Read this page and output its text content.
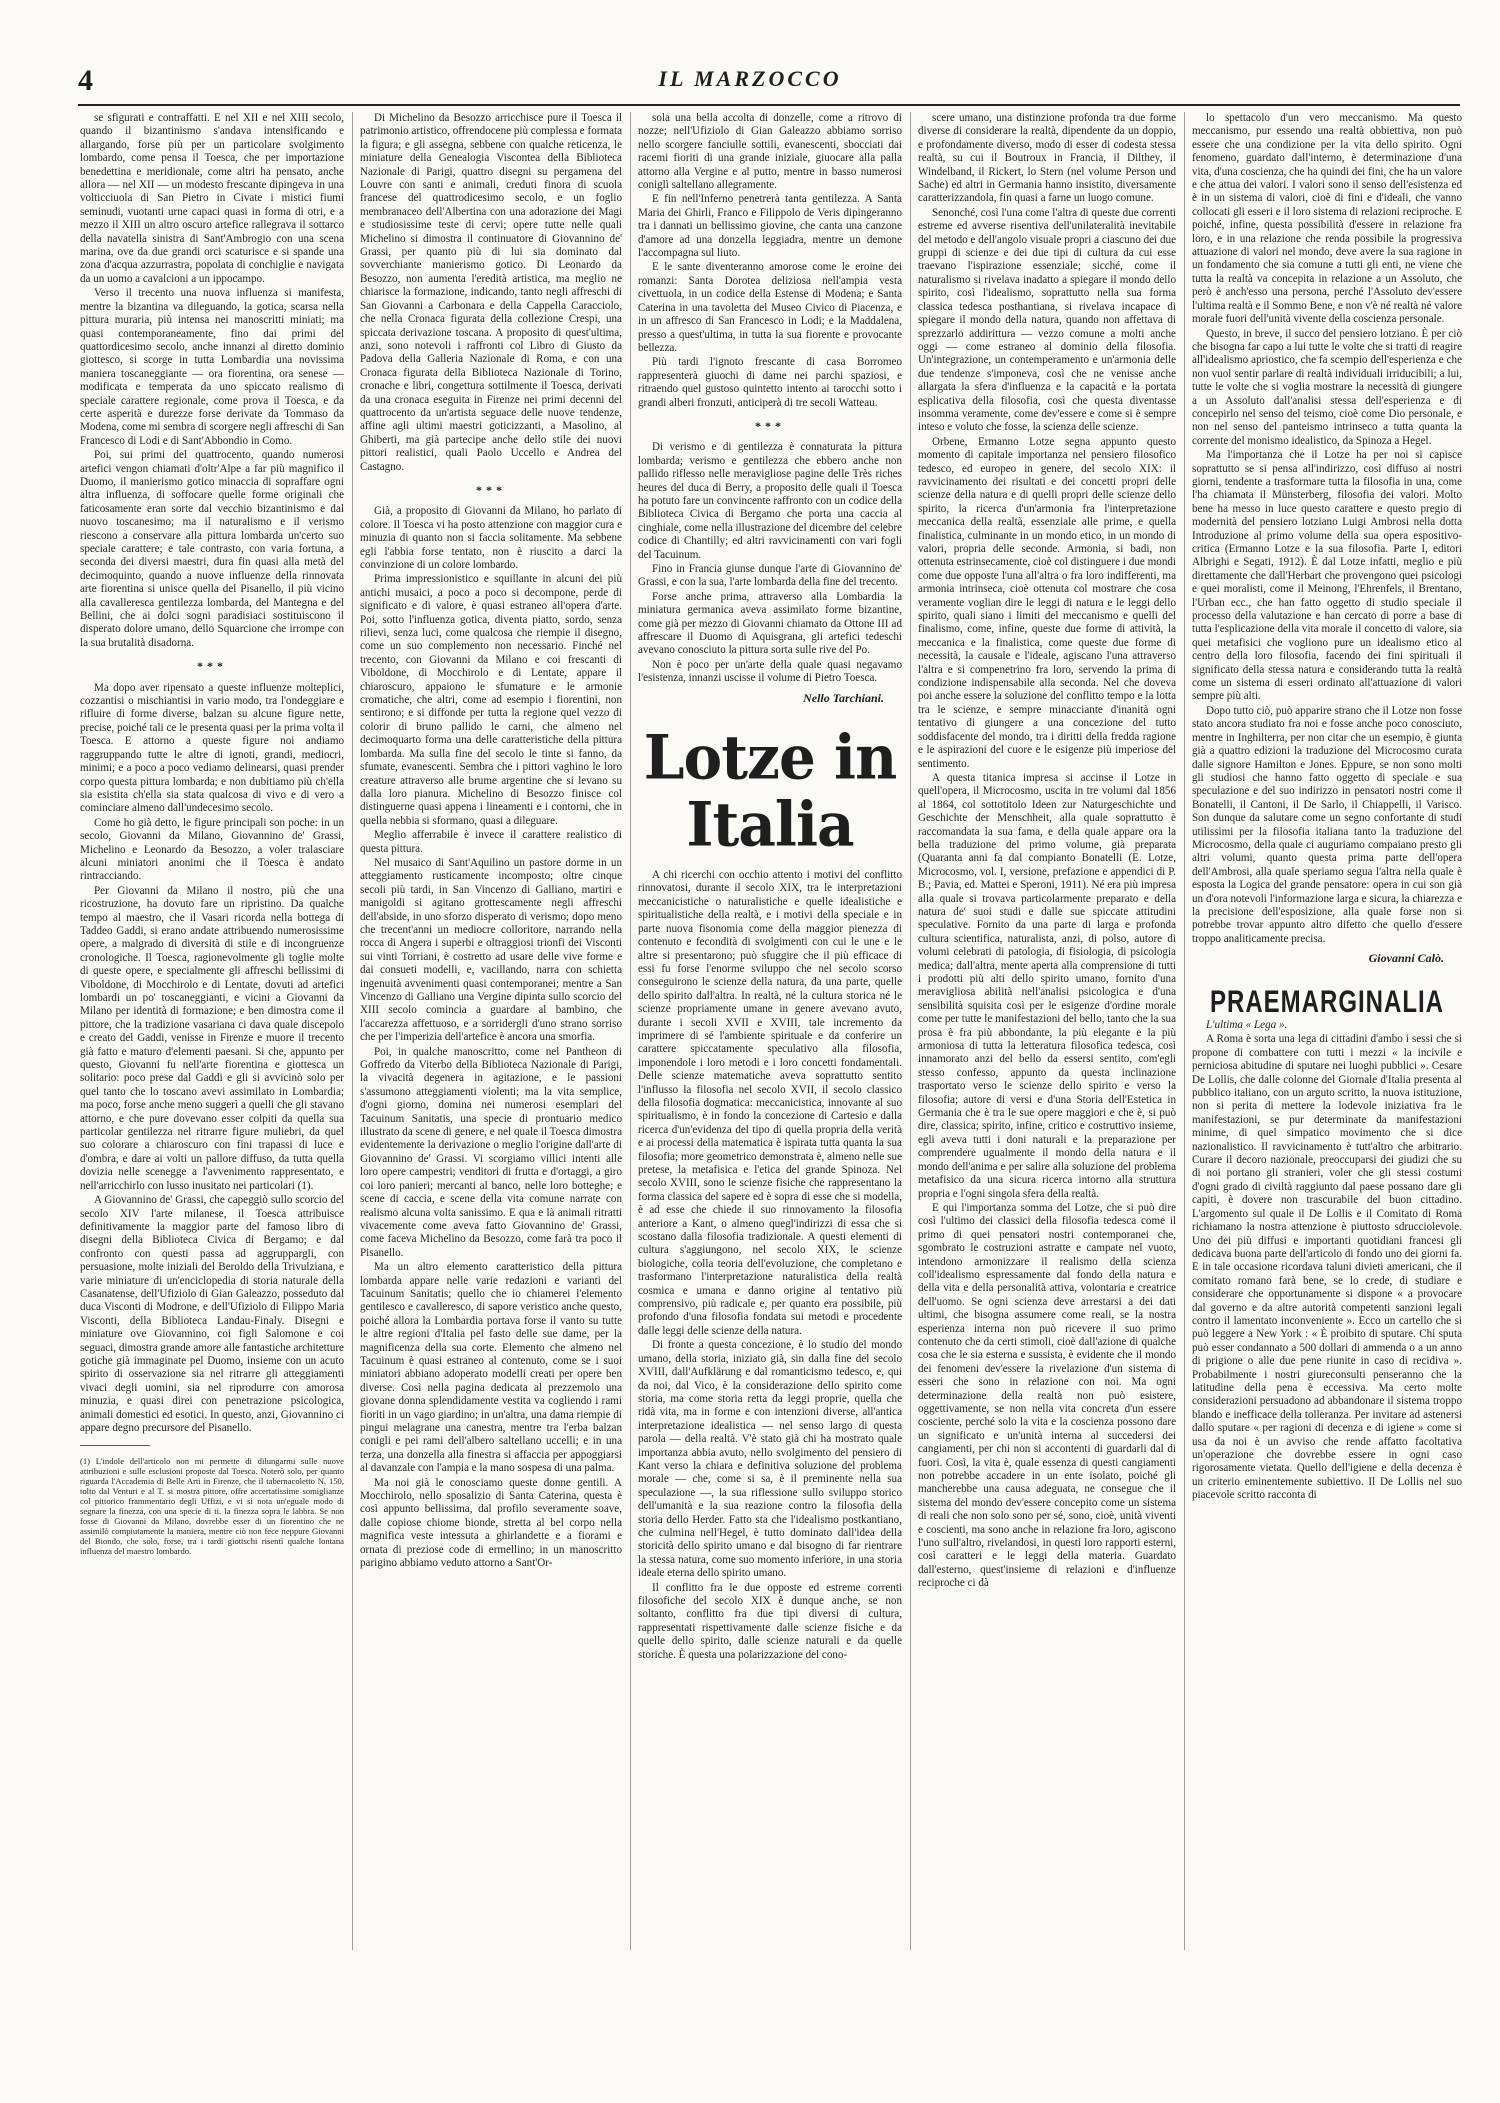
4	IL MARZOCCO

se sfigurati e contraffatti. E nel XII e nel XIII secolo, quando il bizantinismo s'andava intensificando e allargando, forse più per un particolare svolgimento lombardo, come pensa il Toesca, che per importazione benedettina e meridionale, come altri ha pensato, anche allora — nel XII — un modesto frescante dipingeva in una volticciuola di San Pietro in Civate i mistici fiumi seminudi, vuotanti urne capaci quasi in forma di otri, e a mezzo il XIII un altro oscuro artefice rallegrava il sottarco della navatella sinistra di Sant'Ambrogio con una scena marina, ove da due grandi orci scaturisce e si spande una zona d'acqua azzurrastra, popolata di conchiglie e navigata da un uomo a cavalcioni a un ippocampo.

Verso il trecento una nuova influenza si manifesta, mentre la bizantina va dileguando, la gotica, scarsa nella pittura muraria, più intensa nei manoscritti miniati; ma quasi contemporaneamente, fino dai primi del quattordicesimo secolo, anche innanzi al diretto dominio giottesco, si scorge in tutta Lombardia una novissima maniera toscaneggiante — ora fiorentina, ora senese — modificata e temperata da uno spiccato realismo di speciale carattere regionale, come prova il Toesca, e da certe asperità e durezze forse derivate da Tommaso da Modena, come mi sembra di scorgere negli affreschi di San Francesco di Lodi e di Sant'Abbondio in Como.

Poi, sui primi del quattrocento, quando numerosi artefici vengon chiamati d'oltr'Alpe a far più magnifico il Duomo, il manierismo gotico minaccia di sopraffare ogni altra influenza, di soffocare quelle forme originali che faticosamente eran sorte dal vecchio bizantinismo e dal nuovo toscanesimo; ma il naturalismo e il verismo riescono a conservare alla pittura lombarda un'certo suo speciale carattere; e tale contrasto, con varia fortuna, a seconda dei diversi maestri, dura fin quasi alla metà del decimoquinto, quando a nuove influenze della rinnovata arte fiorentina si unisce quella del Pisanello, il più vicino alla cavalleresca gentilezza lombarda, del Mantegna e del Bellini, che ai dolci sogni paradisiaci sostituiscono il disperato dolore umano, dello Squarcione che irrompe con la sua brutalità disadorna.

***

Ma dopo aver ripensato a queste influenze molteplici, cozzantisi o mischiantisi in vario modo, tra l'ondeggiare e rifluire di forme diverse, balzan su alcune figure nette, precise, poiché tali ce le presenta quasi per la prima volta il Toesca. E attorno a queste figure noi andiamo raggruppando tutte le altre di ignoti, grandi, mediocri, minimi; e a poco a poco vediamo delinearsi, quasi prender corpo questa pittura lombarda; e non dubitiamo più ch'ella sia esistita ch'ella sia stata qualcosa di vivo e di vero a cominciare almeno dall'undecesimo secolo.

Come ho già detto, le figure principali son poche: in un secolo, Giovanni da Milano, Giovannino de' Grassi, Michelino e Leonardo da Besozzo, a voler tralasciare alcuni miniatori anonimi che il Toesca è andato rintracciando.

Per Giovanni da Milano il nostro, più che una ricostruzione, ha dovuto fare un ripristino. Da qualche tempo al maestro, che il Vasari ricorda nella bottega di Taddeo Gaddi, si erano andate attribuendo numerosissime opere, a malgrado di diversità di stile e di incongruenze cronologiche. Il Toesca, ragionevolmente gli toglie molte di queste opere, e specialmente gli affreschi bellissimi di Viboldone, di Mocchirolo e di Lentate, dovuti ad artefici lombardi un po' toscaneggianti, e vicini a Giovanni da Milano per identità di formazione; e ben dimostra come il pittore, che la tradizione vasariana ci dava quale discepolo e creato del Gaddi, venisse in Firenze e muore il trecento già fatto e maturo d'elementi paesani. Si che, appunto per questo, Giovanni fu nell'arte fiorentina e giottesca un solitario: poco prese dal Gaddi e gli si avvicinò solo per quel tanto che lo toscano avevi assimilato in Lombardia; ma poco, forse anche meno suggerì a quelli che gli stavano attorno, e che pure dovevano esser colpiti da quella sua particolar gentilezza nel ritrarre figure muliebri, da quel suo colorare a chiaroscuro con fini trapassi di luce e d'ombra, e dare ai volti un pallore diffuso, da tutta quella dovizia nelle scenegge a l'avvenimento rappresentato, e nell'arricchirlo con lusso inusitato nei particolari (1).

A Giovannino de' Grassi, che capeggiò sullo scorcio del secolo XIV l'arte milanese, il Toesca attribuisce definitivamente la maggior parte del famoso libro di disegni della Biblioteca Civica di Bergamo; e dal confronto con questi passa ad aggruppargli, con persuasione, molte iniziali del Beroldo della Trivulziana, e varie miniature di un'enciclopedia di storia naturale della Casanatense, dell'Ufiziolo di Gian Galeazzo, posseduto dal duca Visconti di Modrone, e dell'Ufiziolo di Filippo Maria Visconti, della Biblioteca Landau-Finaly. Disegni e miniature ove Giovannino, coi figli Salomone e coi seguaci, dimostra grande amore alle fantastiche architetture gotiche già immaginate pel Duomo, insieme con un acuto spirito di osservazione sia nel ritrarre gli atteggiamenti vivaci degli uomini, sia nel riprodurre con amorosa minuzia, e quasi direi con penetrazione psicologica, animali domestici ed esotici. In questo, anzi, Giovannino ci appare degno precursore del Pisanello.

(1) L'indole dell'articolo non mi permette di dilungarmi sulle nuove attribuzioni e sulle esclusioni proposte dal Toesca. Noterò solo, per quanto riguarda l'Accademia di Belle Arti in Firenze, che il tabernacoletto N. 150, tolto dal Venturi e al T. si mostra pittore, offre accertatissime somiglianze col pittorico frammentario degli Uffizi, e vi si nota un'eguale modo di segnare la finezza, con una specie di ti. la finezza sopra le labbra. Se non fosse di Giovanni da Milano, dovrebbe esser di un fiorentino che ne assimilò compiutamente la maniera, mentre ciò non fece neppure Giovanni del Biondo, che solo, forse, tra i tardi giottschi risentì qualche lontana influenza del maestro lombardo.

Di Michelino da Besozzo arricchisce pure il Toesca il patrimonio artistico, offrendocene più complessa e formata la figura; e gli assegna, sebbene con qualche reticenza, le miniature della Genealogia Viscontea della Biblioteca Nazionale di Parigi, quattro disegni su pergamena del Louvre con santi e animali, creduti finora di scuola francese del quattrodicesimo secolo, e un foglio membranaceo dell'Albertina con una adorazione dei Magi e studiosissime teste di cervi; opere tutte nelle quali Michelino si dimostra il continuatore di Giovannino de' Grassi, per quanto più di lui sia dominato dal sovverchiante manierismo gotico. Di Leonardo da Besozzo, non aumenta l'eredità artistica, ma meglio ne chiarisce la formazione, indicando, tanto negli affreschi di San Giovanni a Carbonara e della Cappella Caracciolo, che nella Cronaca figurata della collezione Crespi, una spiccata derivazione toscana. A proposito di quest'ultima, anzi, sono notevoli i raffronti col Libro di Giusto da Padova della Galleria Nazionale di Roma, e con una Cronaca figurata della Biblioteca Nazionale di Torino, cronache e libri, congettura sottilmente il Toesca, derivati da una cronaca eseguita in Firenze nei primi decenni del quattrocento da un'artista seguace delle nuove tendenze, affine agli ultimi maestri goticizzanti, a Masolino, al Ghiberti, ma già partecipe anche dello stile dei nuovi pittori realistici, quali Paolo Uccello e Andrea del Castagno.

***

Già, a proposito di Giovanni da Milano, ho parlato di colore. Il Toesca vi ha posto attenzione con maggior cura e minuzia di quanto non si faccia solitamente. Ma sebbene egli l'abbia forse tentato, non è riuscito a darci la convinzione di un colore lombardo.

Prima impressionistico e squillante in alcuni dei più antichi musaici, a poco a poco si decompone, perde di significato e di valore, è quasi estraneo all'opera d'arte. Poi, sotto l'influenza gotica, diventa piatto, sordo, senza rilievi, senza luci, come qualcosa che riempie il disegno, come un suo complemento non necessario. Finché nel trecento, con Giovanni da Milano e coi frescanti di Viboldone, di Mocchirolo e di Lentate, appare il chiaroscuro, appaiono le sfumature e le armonie cromatiche, che altri, come ad esempio i fiorentini, non sentirono; e si diffonde per tutta la regione quel vezzo di colorir di bruno pallido le carni, che almeno nel decimoquarto forma una delle caratteristiche della pittura lombarda. Ma sulla fine del secolo le tinte si fanno, da sfumate, evanescenti. Sembra che i pittori vaghino le loro creature attraverso alle brume argentine che si levano su dalla loro pianura. Michelino di Besozzo finisce col distinguerne quasi appena i lineamenti e i contorni, che in quella nebbia si sformano, quasi a dileguare.

Meglio afferrabile è invece il carattere realistico di questa pittura.

Nel musaico di Sant'Aquilino un pastore dorme in un atteggiamento rusticamente incomposto; oltre cinque secoli più tardi, in San Vincenzo di Galliano, martiri e manigoldi si agitano grottescamente negli affreschi dell'abside, in uno sforzo disperato di verismo; dopo meno che trecent'anni un mediocre colloritore, narrando nella rocca di Angera i superbi e oltraggiosi trionfi dei Visconti sui vinti Torriani, è costretto ad usare delle vive forme e dai consueti modelli, e, vacillando, narra con schietta ingenuità avvenimenti quasi contemporanei; mentre a San Vincenzo di Galliano una Vergine dipinta sullo scorcio del XIII secolo comincia a guardare al bambino, che l'accarezza affettuoso, e a sorridergli d'uno strano sorriso che per l'imperizia dell'artefice è ancora una smorfia.

Poi, in qualche manoscritto, come nel Pantheon di Goffredo da Viterbo della Biblioteca Nazionale di Parigi, la vivacità degenera in agitazione, e le passioni s'assumono atteggiamenti violenti; ma la vita semplice, d'ogni giorno, domina nei numerosi esemplari del Tacuinum Sanitatis, una specie di prontuario medico illustrato da scene di genere, e nel quale il Toesca dimostra evidentemente la derivazione o meglio l'origine dall'arte di Giovannino de' Grassi. Vi scorgiamo villici intenti alle loro opere campestri; venditori di frutta e d'ortaggi, a giro coi loro panieri; mercanti al banco, nelle loro botteghe; e scene di caccia, e scene della vita comune narrate con realismo alcuna volta sanissimo. E qua e là animali ritratti vivacemente come aveva fatto Giovannino de' Grassi, come faceva Michelino da Besozzo, come farà tra poco il Pisanello.

Ma un altro elemento caratteristico della pittura lombarda appare nelle varie redazioni e varianti del Tacuinum Sanitatis; quello che io chiamerei l'elemento gentilesco e cavalleresco, di sapore veristico anche questo, poiché allora la Lombardia portava forse il vanto su tutte le altre regioni d'Italia pel fasto delle sue dame, per la magnificenza della sua corte. Elemento che almeno nel Tacuinum è quasi estraneo al contenuto, come se i suoi miniatori abbiano adoperato modelli creati per opere ben diverse. Così nella pagina dedicata al prezzemolo una giovane donna splendidamente vestita va cogliendo i rami fioriti in un vago giardino; in un'altra, una dama riempie di pingui melagrane una canestra, mentre tra l'erba balzan conigli e pei rami dell'albero saltellano uccelli; e in una terza, una donzella alla finestra si affaccia per appoggiarsi al davanzale con l'ampia e la mano sospesa di una palma.

Ma noi già le conosciamo queste donne gentili. A Mocchirolo, nello sposalizio di Santa Caterina, questa è così appunto bellissima, dal profilo severamente soave, dalle copiose chiome bionde, stretta al bel corpo nella magnifica veste intessuta a ghirlandette e a fiorami e ornata di preziose code di ermellino; in un manoscritto parigino abbiamo veduto attorno a Sant'Or-

sola una bella accolta di donzelle, come a ritrovo di nozze; nell'Ufiziolo di Gian Galeazzo abbiamo sorriso nello scorgere fanciulle sottili, evanescenti, sbocciati dai racemi fioriti di una grande iniziale, giuocare alla palla attorno alla Vergine e al putto, mentre in basso numerosi coniglì saltellano allegramente.

E fin nell'Inferno penetrerà tanta gentilezza. A Santa Maria dei Ghirli, Franco e Filippolo de Veris dipingeranno tra i dannati un bellissimo giovine, che canta una canzone d'amore ad una donzella leggiadra, mentre un demone l'accompagna sul liuto.

E le sante diventeranno amorose come le eroine dei romanzi: Santa Dorotea deliziosa nell'ampia vesta civettuola, in un codice della Estense di Modena; e Santa Caterina in una tavoletta del Museo Civico di Piacenza, e in un affresco di San Francesco in Lodi; e la Maddalena, presso a quest'ultima, in tutta la sua fiorente e provocante bellezza.

Più tardi l'ignoto frescante di casa Borromeo rappresenterà giuochi di dame nei parchi spaziosi, e ritraendo quel gustoso quintetto intento ai tarocchi sotto i grandi alberi fronzuti, anticiperà di tre secoli Watteau.

***

Di verismo e di gentilezza è connaturata la pittura lombarda; verismo e gentilezza che ebbero anche non pallido riflesso nelle meravigliose pagine delle Très riches heures del duca di Berry, a proposito delle quali il Toesca ha potuto fare un convincente raffronto con un codice della Biblioteca Civica di Bergamo che porta una caccia al cinghiale, come nella illustrazione del dicembre del celebre codice di Chantilly; ed altri ravvicinamenti con vari fogli del Tacuinum.

Fino in Francia giunse dunque l'arte di Giovannino de' Grassi, e con la sua, l'arte lombarda della fine del trecento.

Forse anche prima, attraverso alla Lombardia la miniatura germanica aveva assimilato forme bizantine, come già per mezzo di Giovanni chiamato da Ottone III ad affrescare il Duomo di Aquisgrana, gli artefici tedeschi avevano conosciuto la pittura sorta sulle rive del Po.

Non è poco per un'arte della quale quasi negavamo l'esistenza, innanzi uscisse il volume di Pietro Toesca.

Nello Tarchiani.
Lotze in Italia

A chi ricerchi con occhio attento i motivi del conflitto rinnovatosi, durante il secolo XIX, tra le interpretazioni meccanicistiche o naturalistiche e quelle idealistiche e spiritualistiche della realtà, e i motivi della speciale e in parte nuova fisonomia come della maggior pienezza di contenuto e fecondità di svolgimenti con cui le une e le altre si presentarono; può sfuggire che il più efficace di essi fu forse l'enorme sviluppo che nel secolo scorso conseguirono le scienze della natura, da una parte, quelle dello spirito dall'altra. In realtà, né la cultura storica né le scienze propriamente umane in genere avevano avuto, durante i secoli XVII e XVIII, tale incremento da imprimere di sé l'ambiente spirituale e da conferire un carattere spiccatamente speculativo alla filosofia, imponendole i loro metodi e i loro concetti fondamentali. Delle scienze matematiche aveva soprattutto sentito l'influsso la filosofia nel secolo XVII, il secolo classico della filosofia dogmatica: meccanicistica, innovante al suo spiritualismo, è in fondo la concezione di Cartesio e dalla ricerca d'un'evidenza del tipo di quella propria della verità e ai processi della matematica è ispirata tutta quanta la sua filosofia; more geometrico demonstrata è, almeno nelle sue pretese, la metafisica e l'etica del grande Spinoza. Nel secolo XVIII, sono le scienze fisiche che rappresentano la forma classica del sapere ed è sopra di esse che si modella, è ad esse che chiede il suo rinnovamento la filosofia anteriore a Kant, o almeno quegl'indirizzi di essa che si scostano dalla filosofia tradizionale. A questi elementi di cultura s'aggiungono, nel secolo XIX, le scienze biologiche, colla teoria dell'evoluzione, che completano e trasformano l'interpretazione naturalistica della realtà cosmica e umana e danno origine al tentativo più comprensivo, più radicale e, per quanto era possibile, più profondo d'una filosofia fondata sui metodi e procedente dalle leggi delle scienze della natura.

Di fronte a questa concezione, è lo studio del mondo umano, della storia, iniziato già, sin dalla fine del secolo XVIII, dall'Aufklärung e dal romanticismo tedesco, e, qui da noi, dal Vico, è la considerazione dello spirito come storia, ma come storia retta da leggi proprie, quella che ridà vita, ma in forme e con intenzioni diverse, all'antica interpretazione idealistica — nel senso largo di questa parola — della realtà. V'è stato già chi ha mostrato quale importanza abbia avuto, nello svolgimento del pensiero di Kant verso la chiara e definitiva soluzione del problema morale — che, come si sa, è il preminente nella sua speculazione —, la sua riflessione sullo sviluppo storico dell'umanità e la sua reazione contro la filosofia della storia dello Herder. Fatto sta che l'idealismo postkantiano, che culmina nell'Hegel, è tutto dominato dall'idea della storicità dello spirito umano e dal bisogno di far rientrare la stessa natura, come suo momento inferiore, in una storia ideale eterna dello spirito umano.

Il conflitto fra le due opposte ed estreme correnti filosofiche del secolo XIX è dunque anche, se non soltanto, conflitto fra due tipi diversi di cultura, rappresentati rispettivamente dalle scienze fisiche e da quelle dello spirito, dalle scienze naturali e da quelle storiche. È questa una polarizzazione del cono-

scere umano, una distinzione profonda tra due forme diverse di considerare la realtà, dipendente da un doppio, e profondamente diverso, modo di esser di codesta stessa realtà, su cui il Boutroux in Francia, il Dilthey, il Windelband, il Rickert, lo Stern (nel volume Person und Sache) ed altri in Germania hanno insistito, diversamente caratterizzandola, fin quasi a farne un luogo comune.

Senonché, così l'una come l'altra di queste due correnti estreme ed avverse risentiva dell'unilateralità inevitabile del metodo e dell'angolo visuale propri a ciascuno dei due gruppi di scienze e dei due tipi di cultura da cui esse traevano l'ispirazione essenziale; sicché, come il naturalismo si rivelava inadatto a spiegare il mondo dello spirito, così l'idealismo, soprattutto nella sua forma classica tedesca posthantiana, si rivelava incapace di spiegare il mondo della natura, quando non affettava di sprezzarlo addirittura — vezzo comune a molti anche oggi — come estraneo al dominio della filosofia. Un'integrazione, un contemperamento e un'armonia delle due tendenze s'imponeva, così che ne venisse anche allargata la sfera d'influenza e la capacità e la portata esplicativa della filosofia, così che questa diventasse insomma veramente, come dev'essere e come si è sempre inteso e voluto che fosse, la scienza delle scienze.

Orbene, Ermanno Lotze segna appunto questo momento di capitale importanza nel pensiero filosofico tedesco, ed europeo in genere, del secolo XIX: il ravvicinamento dei risultati e dei concetti propri delle scienze della natura e di quelli propri delle scienze dello spirito, la ricerca d'un'armonia fra l'interpretazione meccanica della realtà, essenziale alle prime, e quella finalistica, culminante in un mondo etico, in un mondo di valori, propria delle seconde. Armonia, si badi, non ottenuta estrinsecamente, cioè col distinguere i due mondi come due opposte l'una all'altra o fra loro indifferenti, ma armonia intrinseca, cioè ottenuta col mostrare che cosa veramente voglian dire le leggi di natura e le leggi dello spirito, quali siano i limiti del meccanismo e quelli del finalismo, come, infine, queste due forme di attività, la meccanica e la finalistica, come queste due forme di necessità, la causale e l'ideale, agiscano l'una attraverso l'altra e si compenetrino fra loro, servendo la prima di condizione indispensabile alla seconda. Nel che doveva poi anche essere la soluzione del conflitto tempo e la lotta tra le scienze, e sempre minacciante d'inanità ogni tentativo di giungere a una concezione del tutto soddisfacente del mondo, tra i diritti della fredda ragione e le aspirazioni del cuore e le esigenze più imperiose del sentimento.

A questa titanica impresa si accinse il Lotze in quell'opera, il Microcosmo, uscita in tre volumi dal 1856 al 1864, col sottotitolo Ideen zur Naturgeschichte und Geschichte der Menschheit, alla quale soprattutto è raccomandata la sua fama, e della quale appare ora la bella traduzione del primo volume, già preparata (Quaranta anni fa dal compianto Bonatelli (E. Lotze, Microcosmo, vol. I, versione, prefazione e appendici di P. B.; Pavia, ed. Mattei e Speroni, 1911). Né era più impresa alla quale si trovava particolarmente preparato e della natura de' suoi studi e dalle sue spiccate attitudini speculative. Fornito da una parte di larga e profonda cultura scientifica, naturalista, anzi, di polso, autore di volumi celebrati di patologia, di fisiologia, di psicologia medica; dall'altra, mente aperta alla comprensione di tutti i prodotti più alti dello spirito umano, fornito d'una meravigliosa abilità nell'analisi psicologica e d'una sensibilità squisita così per le esigenze d'ordine morale come per tutte le manifestazioni del bello, tanto che la sua prosa è fra più abbondante, la più elegante e la più armoniosa di tutta la letteratura filosofica tedesca, così innamorato anzi del bello da essersi sentito, com'egli stesso confesso, appunto da questa inclinazione trasportato verso le scienze dello spirito e verso la filosofia; autore di versi e d'una Storia dell'Estetica in Germania che è tra le sue opere maggiori e che è, si può dire, classica; spirito, infine, critico e costruttivo insieme, egli aveva tutti i doni naturali e la preparazione per comprendere ugualmente il mondo della natura e il mondo dell'anima e per salire alla soluzione del problema metafisico da una sicura ricerca intorno alla struttura propria e l'ogni singola sfera della realtà.

E qui l'importanza somma del Lotze, che si può dire così l'ultimo dei classici della filosofia tedesca come il primo di quei pensatori nostri contemporanei che, sgombrato le costruzioni astratte e campate nel vuoto, intendono armonizzare il realismo della scienza coll'idealismo espressamente dal fondo della natura e della vita e della personalità attiva, volontaria e creatrice dell'uomo. Se ogni scienza deve arrestarsi a dei dati ultimi, che bisogna assumere come reali, se la nostra esperienza interna non può ricevere il suo primo contenuto che da certi stimoli, cioè dall'azione di qualche cosa che le sia esterna e sussista, è evidente che il mondo dei fenomeni dev'essere la rivelazione d'un sistema di esseri che sono in relazione con noi. Ma ogni determinazione della realtà non può esistere, oggettivamente, se non nella vita concreta d'un essere cosciente, perché solo la vita e la coscienza possono dare un significato e un'unità interna al succedersi dei cangiamenti, per chi non si accontenti di guardarli dal di fuori. Così, la vita è, quale essenza di questi cangiamenti non potrebbe accadere in un ente isolato, poiché gli mancherebbe una causa adeguata, ne consegue che il sistema del mondo dev'essere concepito come un sistema di reali che non solo sono per sé, sono, cioè, unità viventi e coscienti, ma sono anche in relazione fra loro, agiscono l'uno sull'altro, rivelandosi, in questi loro rapporti esterni, così caratteri e le leggi della materia. Guardato dall'esterno, quest'insieme di relazioni e d'influenze reciproche ci dà

lo spettacolo d'un vero meccanismo. Ma questo meccanismo, pur essendo una realtà obbiettiva, non può essere che una condizione per la vita dello spirito. Ogni fenomeno, guardato dall'interno, è determinazione d'una vita, d'una coscienza, che ha quindi dei fini, che ha un valore e che attua dei valori. I valori sono il senso dell'esistenza ed è in un sistema di valori, cioè di fini e d'ideali, che vanno collocati gli esseri e il loro sistema di relazioni reciproche. E poiché, infine, questa possibilità d'essere in relazione fra loro, e in una relazione che renda possibile la progressiva attuazione di valori nel mondo, deve avere la sua ragione in un fondamento che sia comune a tutti gli enti, ne viene che tutta la realtà va concepita in relazione a un Assoluto, che però è anch'esso una persona, perché l'Assoluto dev'essere l'ultima realtà e il Sommo Bene, e non v'è né realtà né valore morale fuori dell'unità vivente della coscienza personale.

Questo, in breve, il succo del pensiero lotziano. È per ciò che bisogna far capo a lui tutte le volte che si tratti di reagire all'idealismo apriostico, che fa scempio dell'esperienza e che non vuol sentir parlare di realtà individuali irriducibili; a lui, tutte le volte che si voglia mostrare la necessità di giungere a un Assoluto dall'analisi stessa dell'esperienza e di concepirlo nel senso del teismo, cioè come Dio personale, e non nel senso del panteismo intrinseco a tutta quanta la corrente del monismo idealistico, da Spinoza a Hegel.

Ma l'importanza che il Lotze ha per noi si capisce soprattutto se si pensa all'indirizzo, così diffuso ai nostri giorni, tendente a trasformare tutta la filosofia in una, come l'ha chiamata il Münsterberg, filosofia dei valori. Molto bene ha messo in luce questo carattere e questo pregio di modernità del pensiero lotziano Luigi Ambrosi nella dotta Introduzione al primo volume della sua opera espositivo-critica (Ermanno Lotze e la sua filosofia. Parte I, editori Albrighi e Segati, 1912). È dal Lotze infatti, meglio e più direttamente che dall'Herbart che provengono quei psicologi e quei moralisti, come il Meinong, l'Ehrenfels, il Brentano, l'Urban ecc., che han fatto oggetto di studio speciale il processo della valutazione e han cercato di porre a base di tutta l'esplicazione della vita morale il concetto di valore, sia quei metafisici che vogliono pure un idealismo etico al centro della loro filosofia, facendo dei fini spirituali il significato della stessa natura e considerando tutta la realtà come un sistema di esseri ordinato all'attuazione di valori sempre più alti.

Dopo tutto ciò, può apparire strano che il Lotze non fosse stato ancora studiato fra noi e fosse anche poco conosciuto, mentre in Inghilterra, per non citar che un esempio, è giunta già a quattro edizioni la traduzione del Microcosmo curata dalle signore Hamilton e Jones. Eppure, se non sono molti gli studiosi che hanno fatto oggetto di speciale e sua speculazione e del suo indirizzo in pensatori nostri come il Bonatelli, il Cantoni, il De Sarlo, il Chiappelli, il Varisco. Son dunque da salutare come un segno confortante di studi utilissimi per la filosofia italiana tanto la traduzione del Microcosmo, della quale ci auguriamo compaiano presto gli altri volumi, quanto questa prima parte dell'opera dell'Ambrosi, alla quale speriamo segua l'altra nella quale è esposta la Logica del grande pensatore: opera in cui son già un d'ora notevoli l'informazione larga e sicura, la chiarezza e la precisione dell'esposizione, alla quale forse non si potrebbe trovar appunto altro difetto che quello d'essere troppo analiticamente precisa.

Giovanni Calò.
PRAEMARGINALIA

L'ultima « Lega ».

A Roma è sorta una lega di cittadini d'ambo i sessi che si propone di combattere con tutti i mezzi « la incivile e perniciosa abitudine di sputare nei luoghi pubblici ». Cesare De Lollis, che dalle colonne del Giornale d'Italia presenta al pubblico italiano, con un arguto scritto, la nuova istituzione, non si perita di mettere la lodevole iniziativa fra le manifestazioni, se pur determinate da manifestazioni minime, di quel simpatico movimento che si dice nazionalistico. Il ravvicinamento è tutt'altro che arbitrario. Curare il decoro nazionale, preoccuparsi dei giudizi che su di noi portano gli stranieri, voler che gli stessi costumi d'ogni grado di civiltà raggiunto dal paese possano dare gli capiti, è dovere non trascurabile del buon cittadino. L'argomento sul quale il De Lollis e il Comitato di Roma richiamano la nostra attenzione è piuttosto sdrucciolevole. Uno dei più diffusi e importanti quotidiani francesi gli dedicava buona parte dell'articolo di fondo uno dei giorni fa. E in tale occasione ricordava taluni divieti americani, che il comitato romano farà bene, se lo crede, di studiare e considerare che opportunamente si dispone « a provocare dal governo e da altre autorità competenti sanzioni legali contro il lamentato inconveniente ». Ecco un cartello che si può leggere a New York : « È proibito di sputare. Chi sputa può esser condannato a 500 dollari di ammenda o a un anno di prigione o alle due pene riunite in caso di recidiva ». Probabilmente i nostri giureconsulti penseranno che la latitudine della pena è eccessiva. Ma certo molte considerazioni persuadono ad abbandonare il sistema troppo blando e inefficace della tolleranza. Per invitare ad astenersi dallo sputare « per ragioni di decenza e di igiene » come si usa da noi è un avviso che rende affatto facoltativa un'operazione che dovrebbe essere in ogni caso rigorosamente vietata. Quello dell'igiene e della decenza è un criterio eminentemente subiettivo. Il De Lollis nel suo piacevole scritto racconta di
